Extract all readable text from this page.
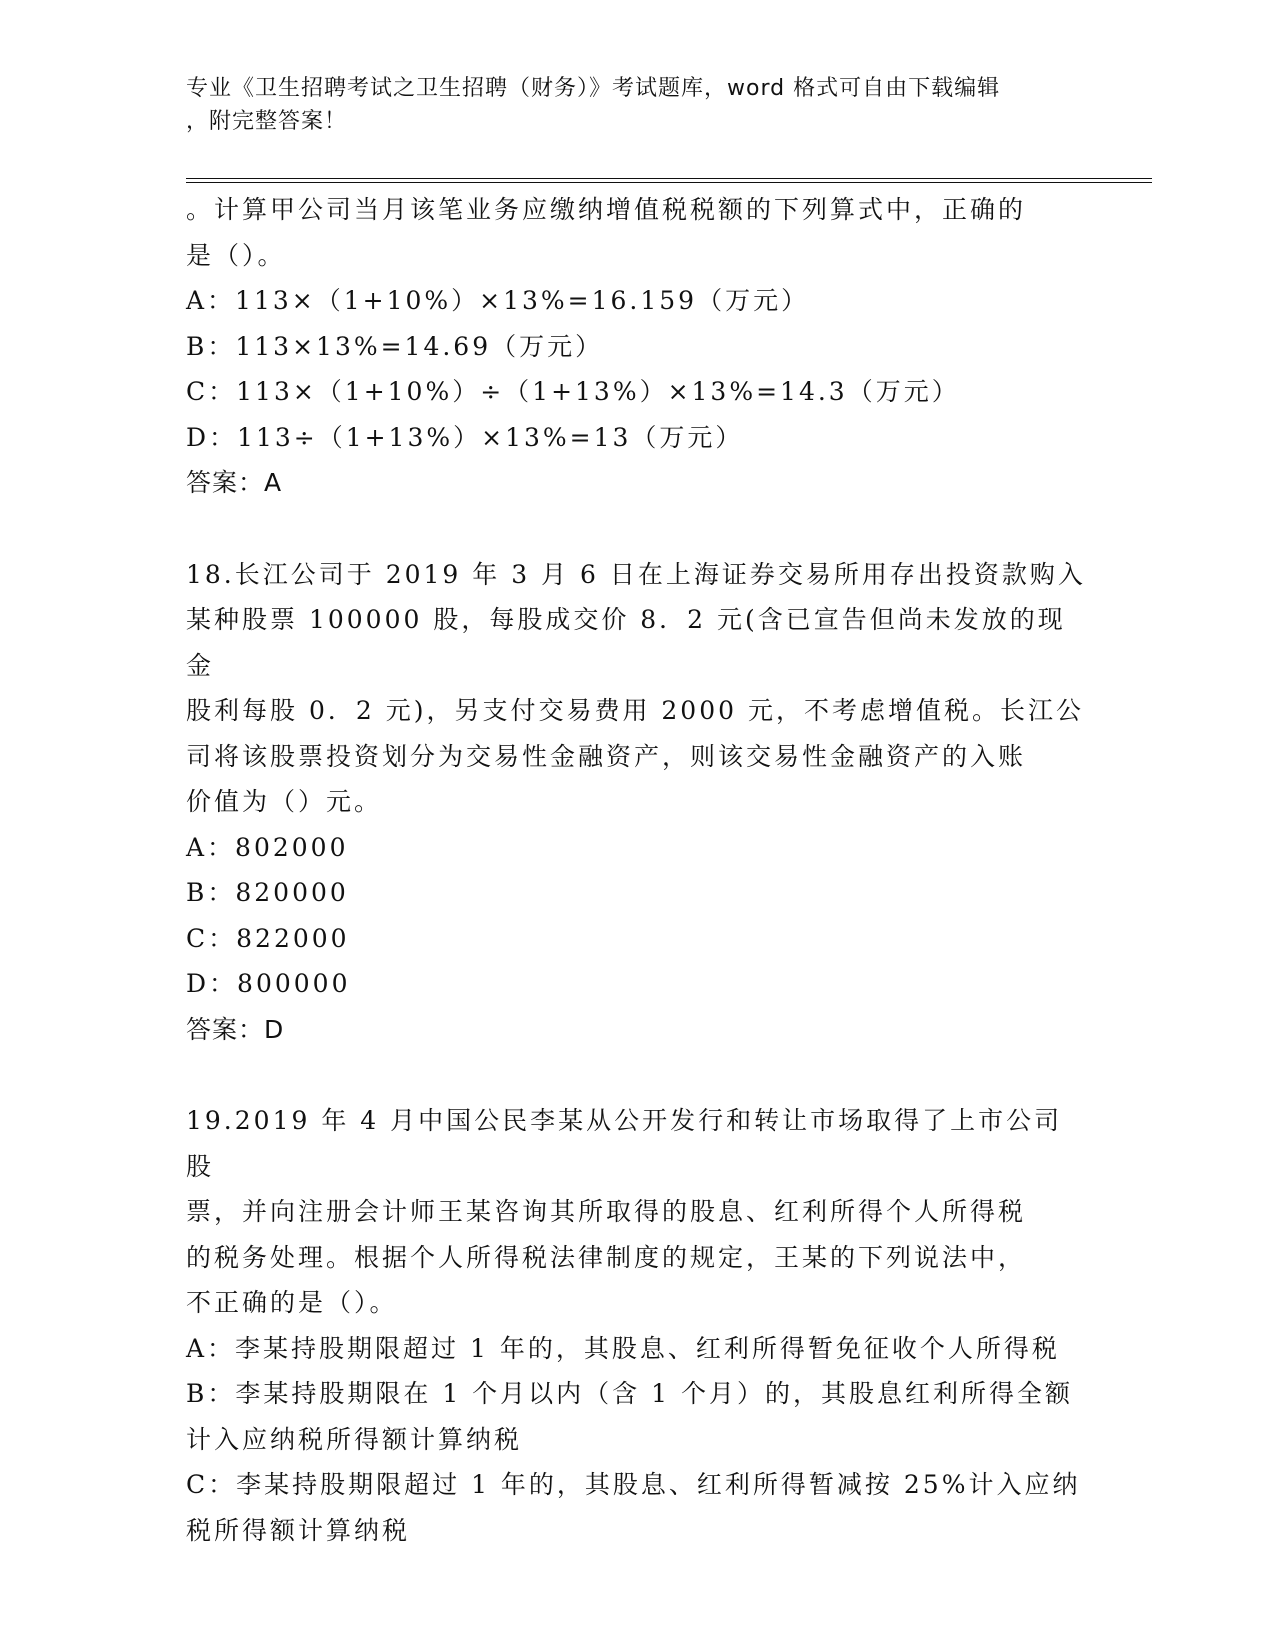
专业《卫生招聘考试之卫生招聘（财务）》考试题库，word 格式可自由下载编辑
，附完整答案！

。计算甲公司当月该笔业务应缴纳增值税税额的下列算式中，正确的

是（）。

A：113×（1+10%）×13%=16.159（万元）

B：113×13%=14.69（万元）

C：113×（1+10%）÷（1+13%）×13%=14.3（万元）

D：113÷（1+13%）×13%=13（万元）

答案：A

18.长江公司于 2019 年 3 月 6 日在上海证券交易所用存出投资款购入

某种股票 100000 股，每股成交价 8．2 元(含已宣告但尚未发放的现金

股利每股 0．2 元)，另支付交易费用 2000 元，不考虑增值税。长江公

司将该股票投资划分为交易性金融资产，则该交易性金融资产的入账

价值为（）元。

A：802000

B：820000

C：822000

D：800000

答案：D

19.2019 年 4 月中国公民李某从公开发行和转让市场取得了上市公司股

票，并向注册会计师王某咨询其所取得的股息、红利所得个人所得税

的税务处理。根据个人所得税法律制度的规定，王某的下列说法中，

不正确的是（）。

A：李某持股期限超过 1 年的，其股息、红利所得暂免征收个人所得税

B：李某持股期限在 1 个月以内（含 1 个月）的，其股息红利所得全额

计入应纳税所得额计算纳税

C：李某持股期限超过 1 年的，其股息、红利所得暂减按 25%计入应纳

税所得额计算纳税
